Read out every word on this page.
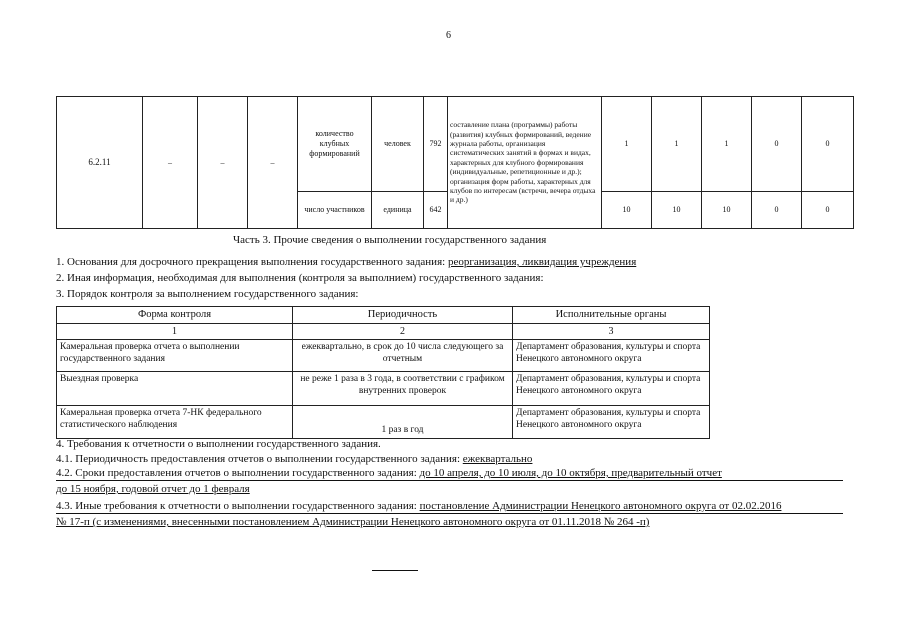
6
6.2.11	–	–	–	количество клубных формирований	человек	792	составление плана (программы) работы (развития) клубных формирований, ведение журнала работы, организация систематических занятий в формах и видах, характерных для клубного формирования (индивидуальные, репетиционные и др.); организация форм работы, характерных для клубов по интересам (встречи, вечера отдыха и др.)	1	1	1	0	0
				число участников	единица	642		10	10	10	0	0
Часть 3. Прочие сведения о выполнении государственного задания
1. Основания для досрочного прекращения выполнения государственного задания: реорганизация, ликвидация учреждения
2. Иная информация, необходимая для выполнения (контроля за выполнием) государственного задания:
3. Порядок контроля за выполнением государственного задания:
Форма контроля	Периодичность	Исполнительные органы
1	2	3
Камеральная проверка отчета о выполнении государственного задания	ежеквартально, в срок до 10 числа следующего за отчетным	Департамент образования, культуры и спорта Ненецкого автономного округа
Выездная проверка	не реже 1 раза в 3 года, в соответствии с графиком внутренних проверок	Департамент образования, культуры и спорта Ненецкого автономного округа
Камеральная проверка отчета 7-НК федерального статистического наблюдения	1 раз в год	Департамент образования, культуры и спорта Ненецкого автономного округа
4. Требования к отчетности о выполнении государственного задания.
4.1. Периодичность предоставления отчетов о выполнении государственного задания: ежеквартально
4.2. Сроки предоставления отчетов о выполнении государственного задания: до 10 апреля, до 10 июля, до 10 октября, предварительный отчет
до 15 ноября, годовой отчет до 1 февраля
4.3. Иные требования к отчетности о выполнении государственного задания: постановление Администрации Ненецкого автономного округа от 02.02.2016
№ 17-п (с изменениями, внесенными постановлением Администрации Ненецкого автономного округа от 01.11.2018 № 264 -п)
